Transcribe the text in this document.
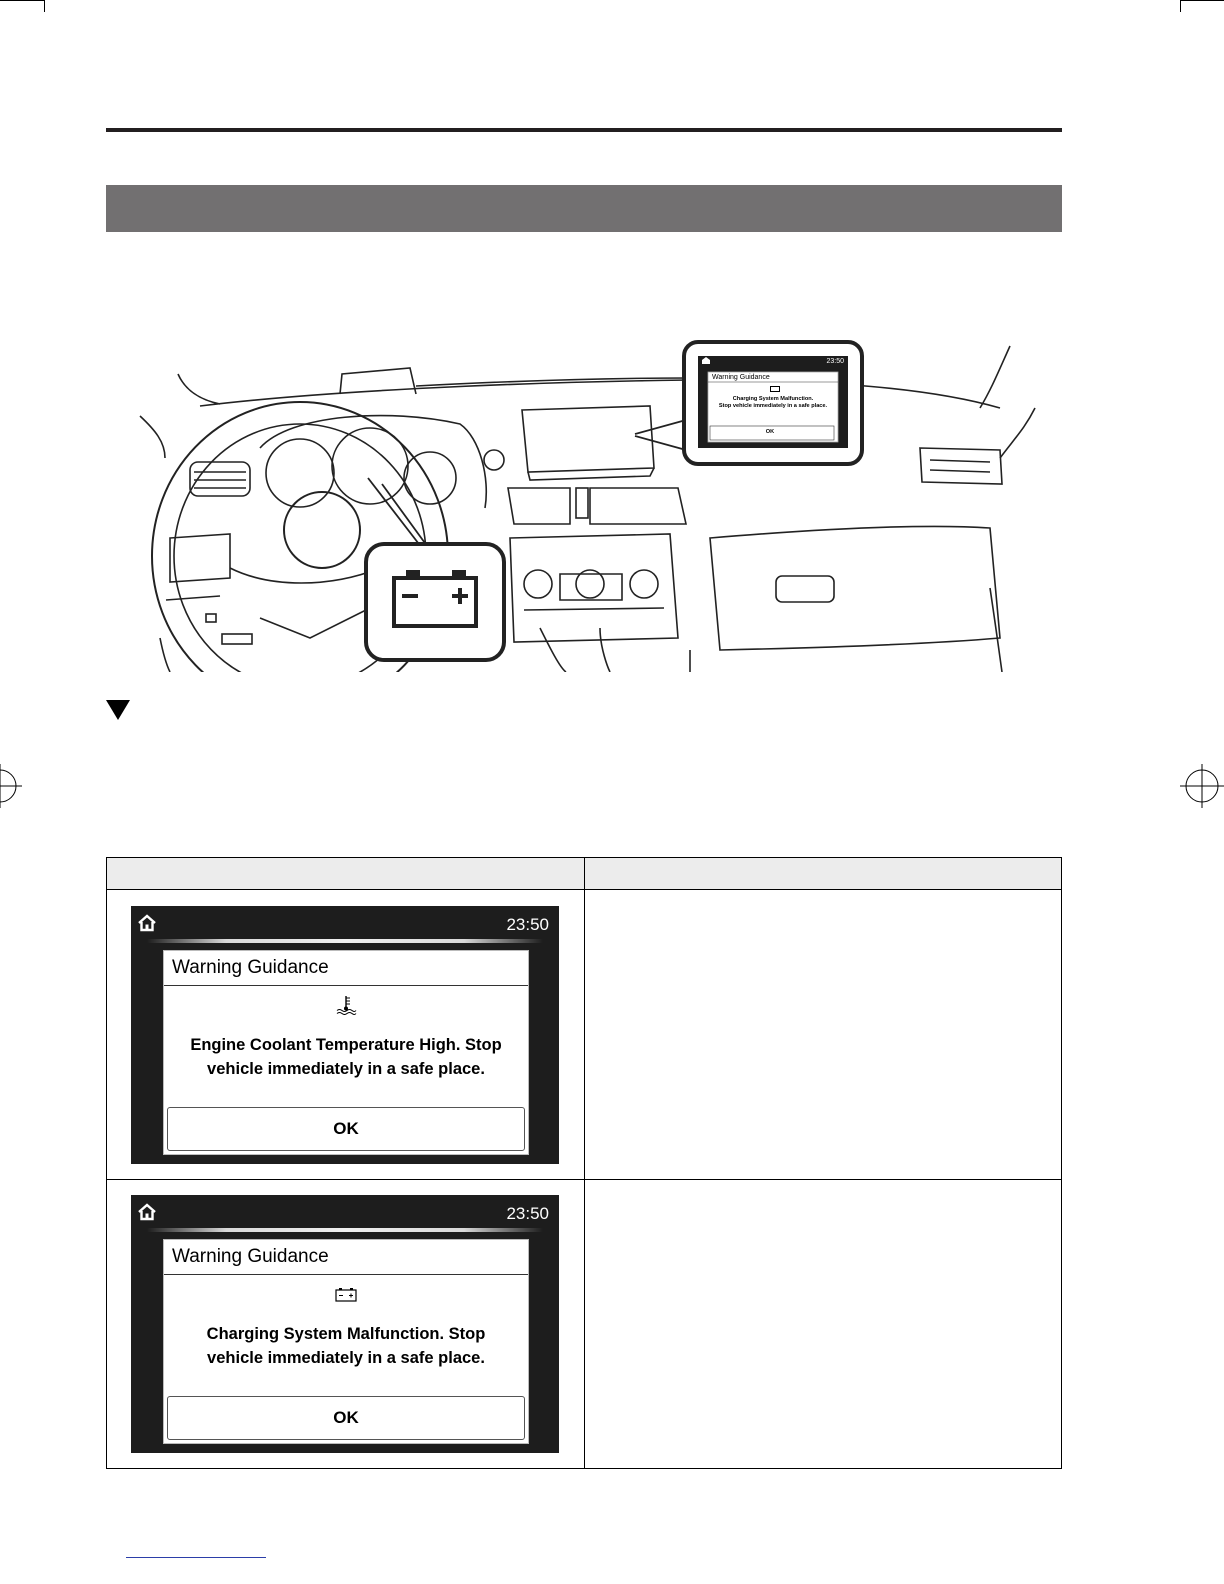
23:50
Warning Guidance
Charging System Malfunction.
Stop vehicle immediately in a safe place.
OK
23:50
Warning Guidance
Engine Coolant Temperature High. Stop
vehicle immediately in a safe place.
OK
23:50
Warning Guidance
Charging System Malfunction. Stop
vehicle immediately in a safe place.
OK
